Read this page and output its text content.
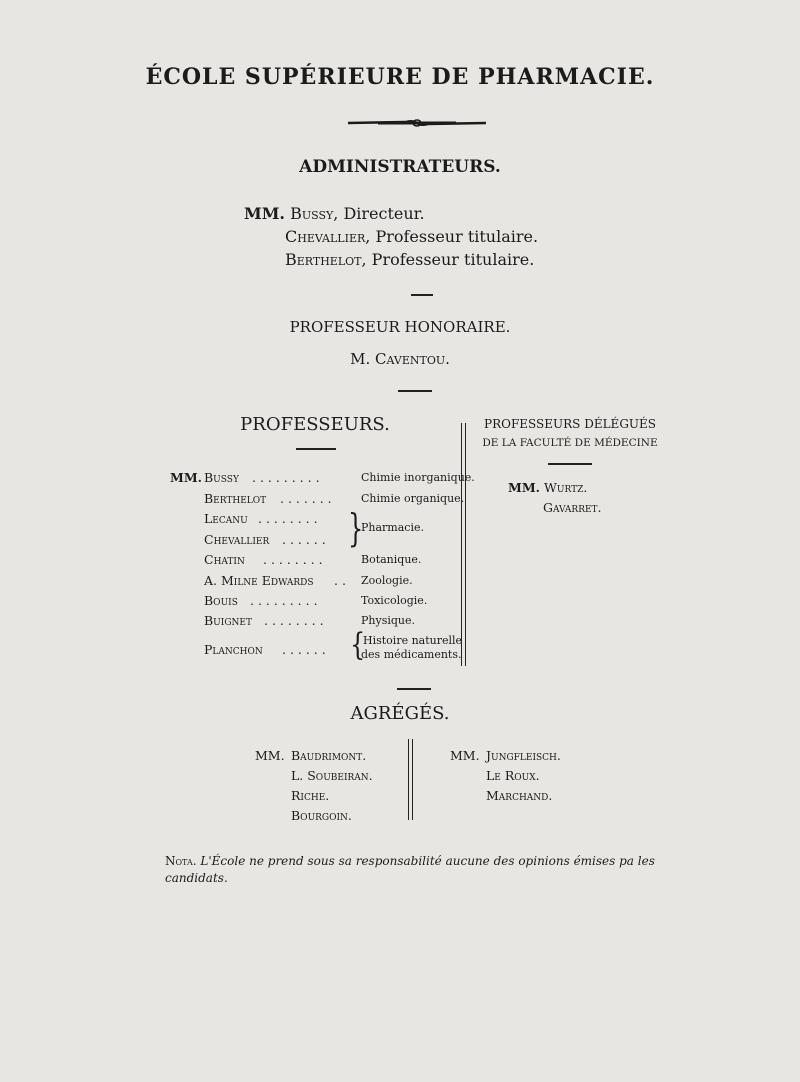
ÉCOLE SUPÉRIEURE DE PHARMACIE.
ADMINISTRATEURS.
MM. Bussy, Directeur.
Chevallier, Professeur titulaire.
Berthelot, Professeur titulaire.
PROFESSEUR HONORAIRE.
M. Caventou.
PROFESSEURS.
MM. Bussy . . . . . . . . .	Chimie inorganique.
Berthelot . . . . . . .	Chimie organique.
Lecanu . . . . . . . .
Chevallier . . . . . . }
Pharmacie.
Chatin . . . . . . . .	Botanique.
A. Milne Edwards . . Zoologie.
Bouis . . . . . . . . .	Toxicologie.
Buignet . . . . . . . .	Physique.
Planchon . . . . . . {
Histoire naturelle
des médicaments.
PROFESSEURS DÉLÉGUÉS
DE LA FACULTÉ DE MÉDECINE
MM. Wurtz.
Gavarret.
AGRÉGÉS.
MM. Baudrimont.
L. Soubeiran.
Riche.
Bourgoin.
MM. Jungfleisch.
Le Roux.
Marchand.
Nota. L'École ne prend sous sa responsabilité aucune des opinions émises pa les candidats.
